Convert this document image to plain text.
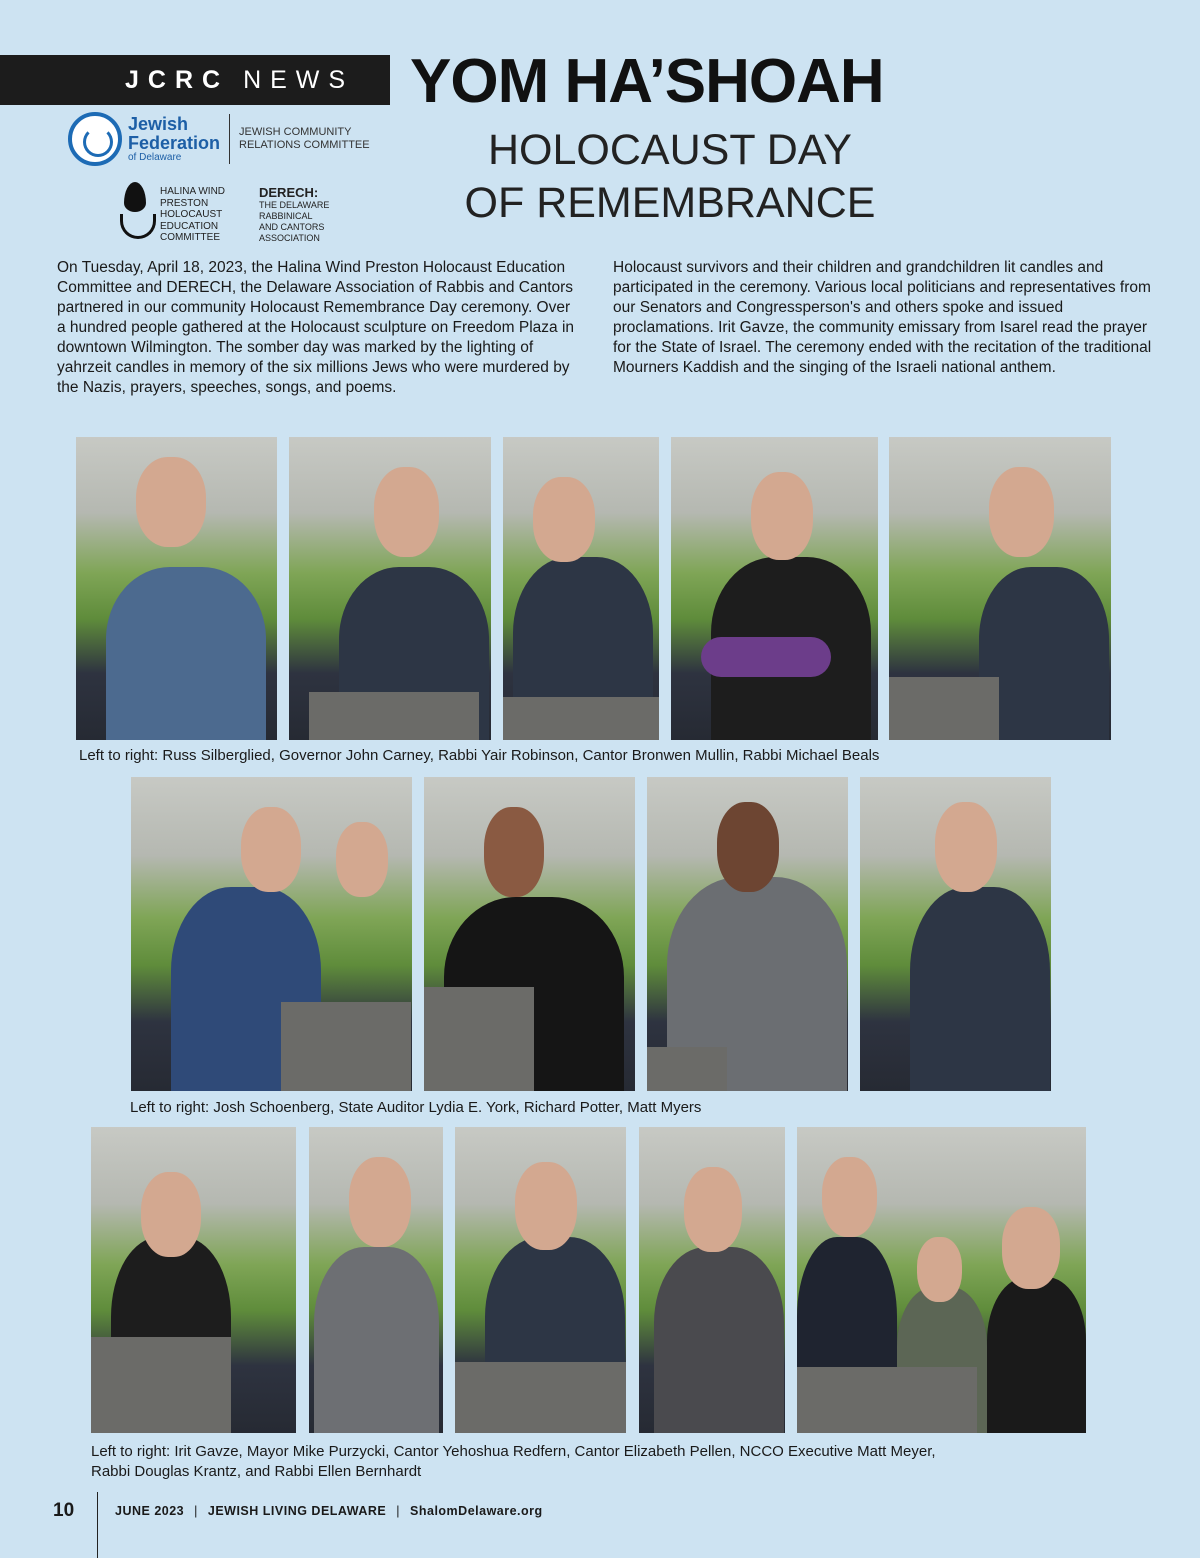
JCRC NEWS YOM HA’SHOAH
HOLOCAUST DAY
OF REMEMBRANCE
Jewish
Federation
of Delaware
JEWISH COMMUNITY
RELATIONS COMMITTEE
HALINA WIND
PRESTON
HOLOCAUST
EDUCATION
COMMITTEE
DERECH:
THE DELAWARE
RABBINICAL
AND CANTORS
ASSOCIATION
On Tuesday, April 18, 2023, the Halina Wind Preston Holocaust Education Committee and DERECH, the Delaware Association of Rabbis and Cantors partnered in our community Holocaust Remembrance Day ceremony. Over a hundred people gathered at the Holocaust sculpture on Freedom Plaza in downtown Wilmington. The somber day was marked by the lighting of yahrzeit candles in memory of the six millions Jews who were murdered by the Nazis, prayers, speeches, songs, and poems.
Holocaust survivors and their children and grandchildren lit candles and participated in the ceremony. Various local politicians and representatives from our Senators and Congressperson's and others spoke and issued proclamations. Irit Gavze, the community emissary from Isarel read the prayer for the State of Israel. The ceremony ended with the recitation of the traditional Mourners Kaddish and the singing of the Israeli national anthem.
Left to right: Russ Silberglied, Governor John Carney, Rabbi Yair Robinson, Cantor Bronwen Mullin, Rabbi Michael Beals
Left to right: Josh Schoenberg, State Auditor Lydia E. York, Richard Potter, Matt Myers
Left to right: Irit Gavze, Mayor Mike Purzycki, Cantor Yehoshua Redfern, Cantor Elizabeth Pellen, NCCO Executive Matt Meyer,
Rabbi Douglas Krantz, and Rabbi Ellen Bernhardt
10	JUNE 2023 | JEWISH LIVING DELAWARE | ShalomDelaware.org
